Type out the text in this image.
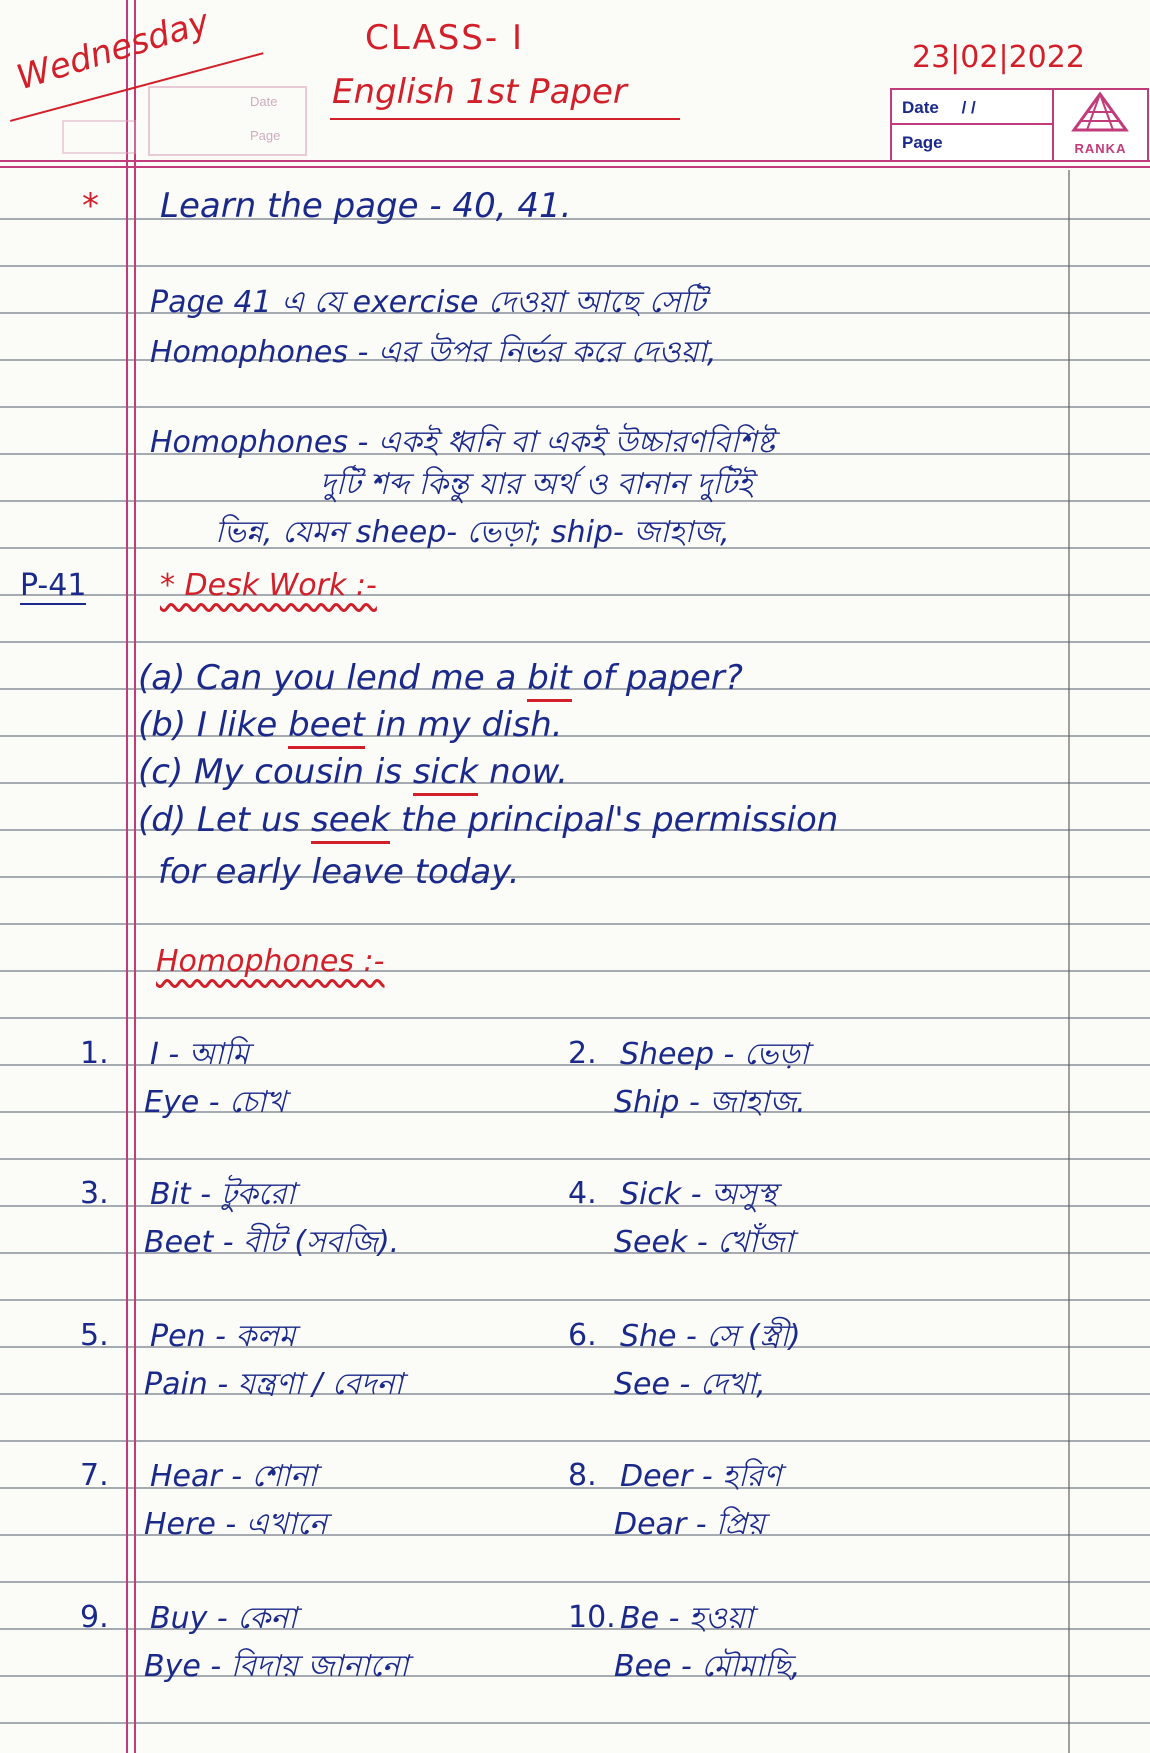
Date
Page
Wednesday	CLASS- I
English 1st Paper
23|02|2022
Date / /
Page	RANKA
* Learn the page - 40, 41.
Page 41 এ যে exercise দেওয়া আছে সেটি
Homophones - এর উপর নির্ভর করে দেওয়া,
Homophones - একই ধ্বনি বা একই উচ্চারণবিশিষ্ট
দুটি শব্দ কিন্তু যার অর্থ ও বানান দুটিই
ভিন্ন, যেমন sheep- ভেড়া; ship- জাহাজ,
P-41 * Desk Work :-
(a) Can you lend me a bit of paper?
(b) I like beet in my dish.
(c) My cousin is sick now.
(d) Let us seek the principal's permission
for early leave today.
Homophones :-
1. I - আমি
Eye - চোখ
2. Sheep - ভেড়া
Ship - জাহাজ.
3. Bit - টুকরো
Beet - বীট (সবজি).
4. Sick - অসুস্থ
Seek - খোঁজা
5. Pen - কলম
Pain - যন্ত্রণা / বেদনা
6. She - সে (স্ত্রী)
See - দেখা,
7. Hear - শোনা
Here - এখানে
8. Deer - হরিণ
Dear - প্রিয়
9. Buy - কেনা
Bye - বিদায় জানানো
10. Be - হওয়া
Bee - মৌমাছি,
